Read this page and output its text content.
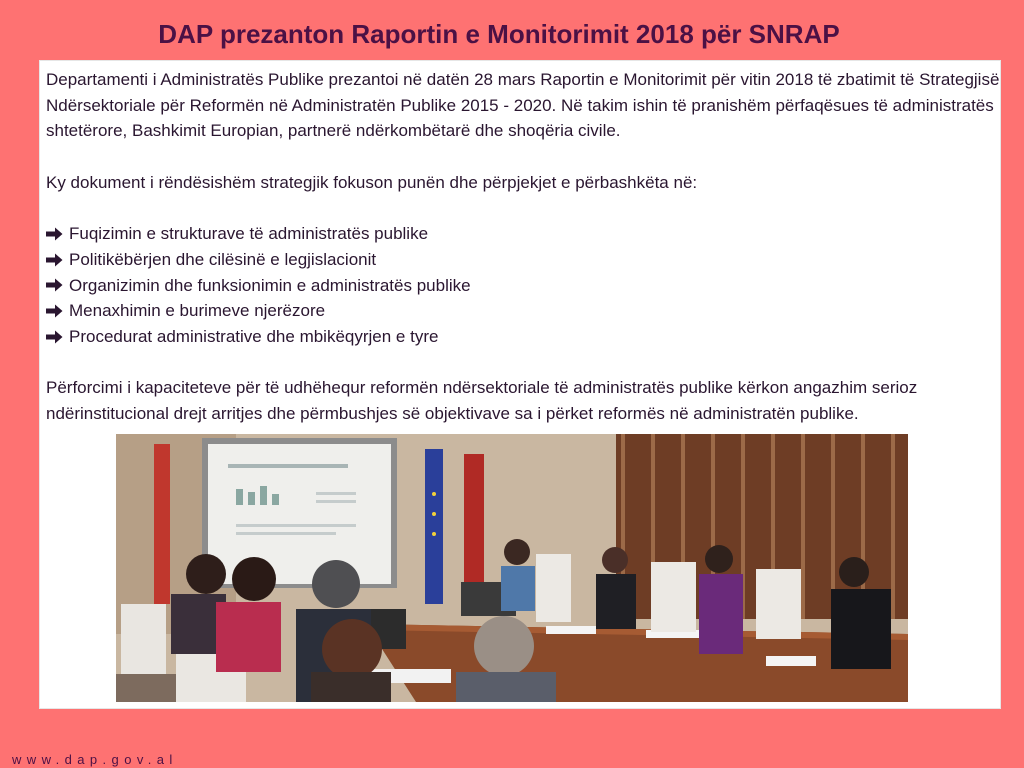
DAP prezanton Raportin e Monitorimit 2018 për SNRAP

Departamenti i Administratës Publike prezantoi në datën 28 mars Raportin e Monitorimit për vitin 2018 të zbatimit të Strategjisë Ndërsektoriale për Reformën në Administratën Publike 2015 - 2020. Në takim ishin të pranishëm përfaqësues të administratës shtetërore, Bashkimit Europian, partnerë ndërkombëtarë dhe shoqëria civile.

Ky dokument i rëndësishëm strategjik fokuson punën dhe përpjekjet e përbashkëta në:

Fuqizimin e strukturave të administratës publike
Politikëbërjen dhe cilësinë e legjislacionit
Organizimin dhe funksionimin e administratës publike
Menaxhimin e burimeve njerëzore
Procedurat administrative dhe mbikëqyrjen e tyre

Përforcimi i kapaciteteve për të udhëhequr reformën ndërsektoriale të administratës publike kërkon angazhim serioz ndërinstitucional drejt arritjes dhe përmbushjes së objektivave sa i përket reformës në administratën publike.

www.dap.gov.al
